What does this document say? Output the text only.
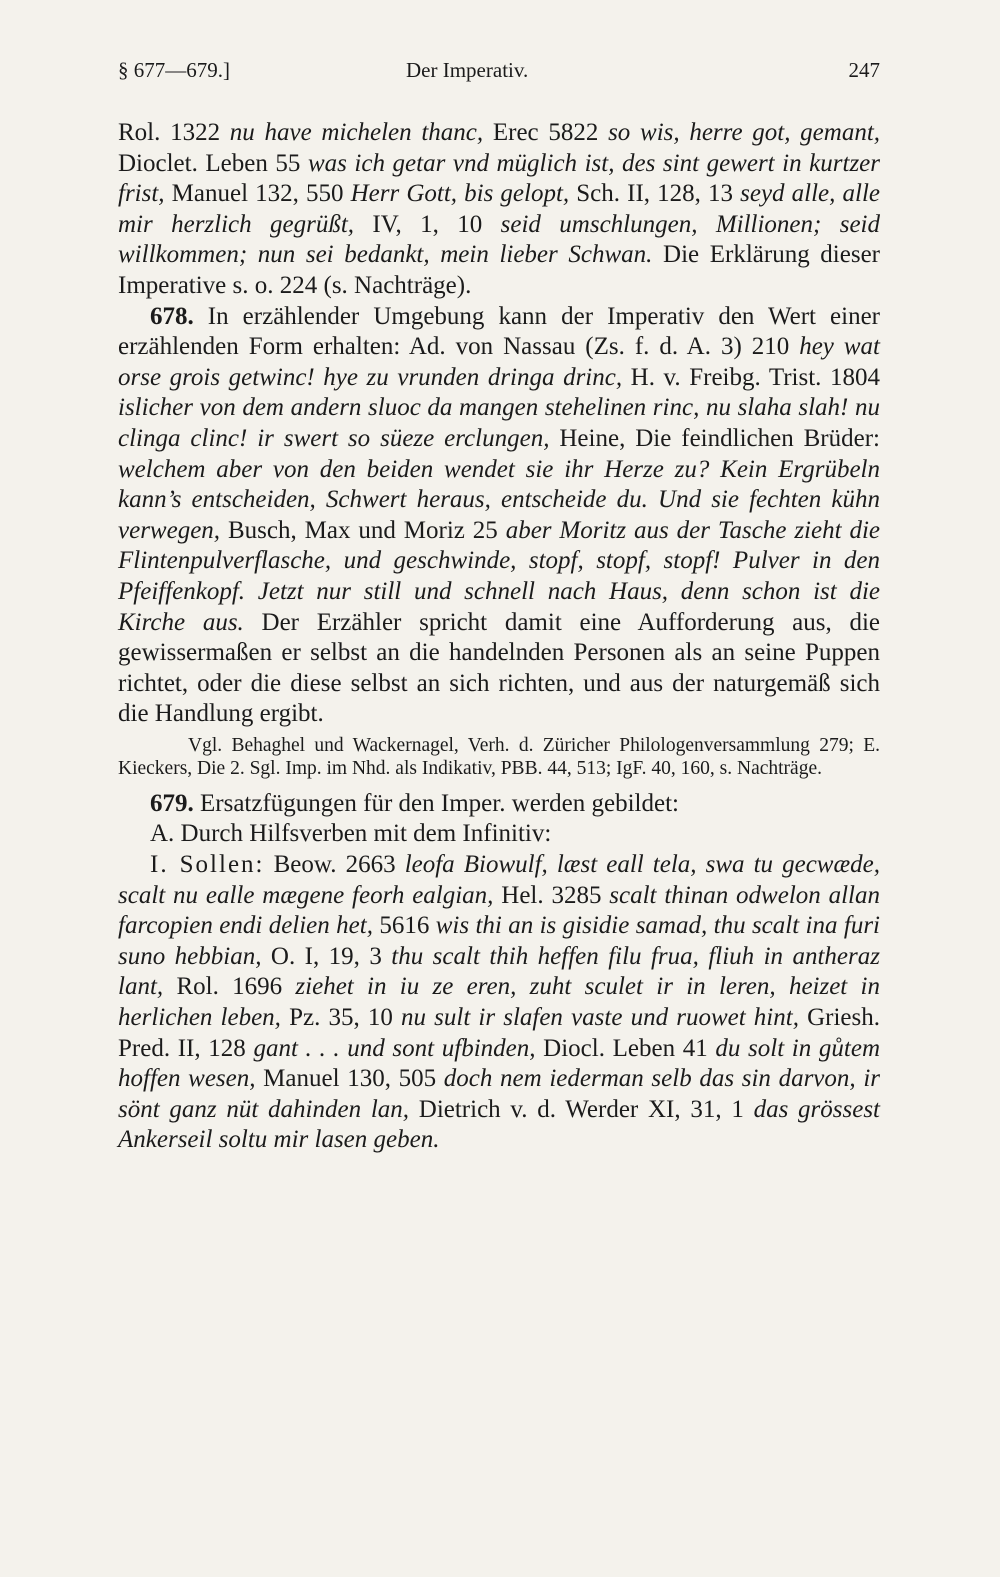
§ 677—679.]	Der Imperativ.	247

Rol. 1322 nu have michelen thanc, Erec 5822 so wis, herre got, gemant, Dioclet. Leben 55 was ich getar vnd müglich ist, des sint gewert in kurtzer frist, Manuel 132, 550 Herr Gott, bis gelopt, Sch. II, 128, 13 seyd alle, alle mir herzlich gegrüßt, IV, 1, 10 seid umschlungen, Millionen; seid willkommen; nun sei bedankt, mein lieber Schwan. Die Erklärung dieser Imperative s. o. 224 (s. Nachträge).

678. In erzählender Umgebung kann der Imperativ den Wert einer erzählenden Form erhalten: Ad. von Nassau (Zs. f. d. A. 3) 210 hey wat orse grois getwinc! hye zu vrunden dringa drinc, H. v. Freibg. Trist. 1804 islicher von dem andern sluoc da mangen stehelinen rinc, nu slaha slah! nu clinga clinc! ir swert so süeze erclungen, Heine, Die feindlichen Brüder: welchem aber von den beiden wendet sie ihr Herze zu? Kein Ergrübeln kann’s entscheiden, Schwert heraus, entscheide du. Und sie fechten kühn verwegen, Busch, Max und Moriz 25 aber Moritz aus der Tasche zieht die Flintenpulverflasche, und geschwinde, stopf, stopf, stopf! Pulver in den Pfeiffenkopf. Jetzt nur still und schnell nach Haus, denn schon ist die Kirche aus. Der Erzähler spricht damit eine Aufforderung aus, die gewissermaßen er selbst an die handelnden Personen als an seine Puppen richtet, oder die diese selbst an sich richten, und aus der naturgemäß sich die Handlung ergibt.

Vgl. Behaghel und Wackernagel, Verh. d. Züricher Philologenversammlung 279; E. Kieckers, Die 2. Sgl. Imp. im Nhd. als Indikativ, PBB. 44, 513; IgF. 40, 160, s. Nachträge.

679. Ersatzfügungen für den Imper. werden gebildet:

A. Durch Hilfsverben mit dem Infinitiv:

I. Sollen: Beow. 2663 leofa Biowulf, læst eall tela, swa tu gecwæde, scalt nu ealle mægene feorh ealgian, Hel. 3285 scalt thinan odwelon allan farcopien endi delien het, 5616 wis thi an is gisidie samad, thu scalt ina furi suno hebbian, O. I, 19, 3 thu scalt thih heffen filu frua, fliuh in antheraz lant, Rol. 1696 ziehet in iu ze eren, zuht sculet ir in leren, heizet in herlichen leben, Pz. 35, 10 nu sult ir slafen vaste und ruowet hint, Griesh. Pred. II, 128 gant . . . und sont ufbinden, Diocl. Leben 41 du solt in gůtem hoffen wesen, Manuel 130, 505 doch nem iederman selb das sin darvon, ir sönt ganz nüt dahinden lan, Dietrich v. d. Werder XI, 31, 1 das grössest Ankerseil soltu mir lasen geben.
